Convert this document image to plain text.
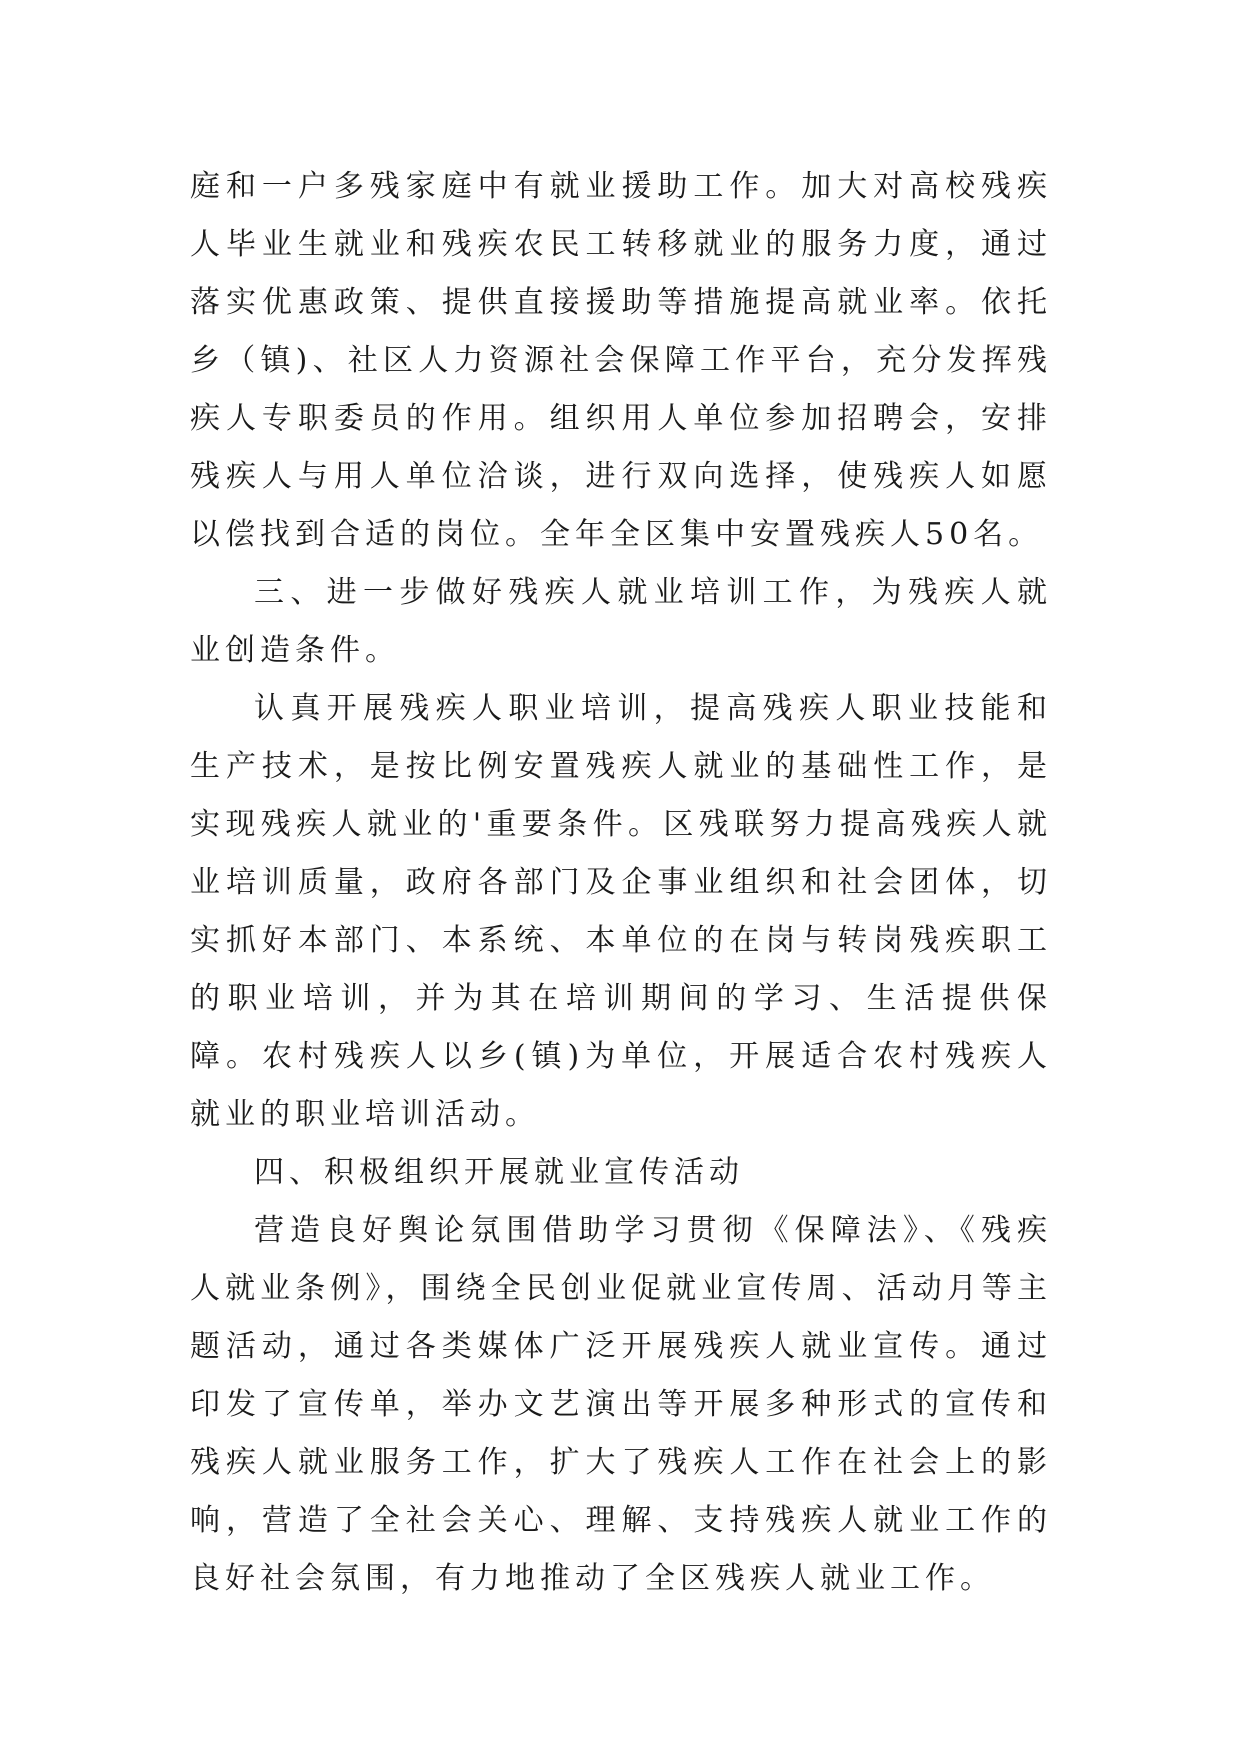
庭和一户多残家庭中有就业援助工作。加大对高校残疾人毕业生就业和残疾农民工转移就业的服务力度，通过落实优惠政策、提供直接援助等措施提高就业率。依托乡（镇)、社区人力资源社会保障工作平台，充分发挥残疾人专职委员的作用。组织用人单位参加招聘会，安排残疾人与用人单位洽谈，进行双向选择，使残疾人如愿以偿找到合适的岗位。全年全区集中安置残疾人50名。

三、进一步做好残疾人就业培训工作，为残疾人就业创造条件。

认真开展残疾人职业培训，提高残疾人职业技能和生产技术，是按比例安置残疾人就业的基础性工作，是实现残疾人就业的'重要条件。区残联努力提高残疾人就业培训质量，政府各部门及企事业组织和社会团体，切实抓好本部门、本系统、本单位的在岗与转岗残疾职工的职业培训，并为其在培训期间的学习、生活提供保障。农村残疾人以乡(镇)为单位，开展适合农村残疾人就业的职业培训活动。

四、积极组织开展就业宣传活动

营造良好舆论氛围借助学习贯彻《保障法》、《残疾人就业条例》，围绕全民创业促就业宣传周、活动月等主题活动，通过各类媒体广泛开展残疾人就业宣传。通过印发了宣传单，举办文艺演出等开展多种形式的宣传和残疾人就业服务工作，扩大了残疾人工作在社会上的影响，营造了全社会关心、理解、支持残疾人就业工作的良好社会氛围，有力地推动了全区残疾人就业工作。
